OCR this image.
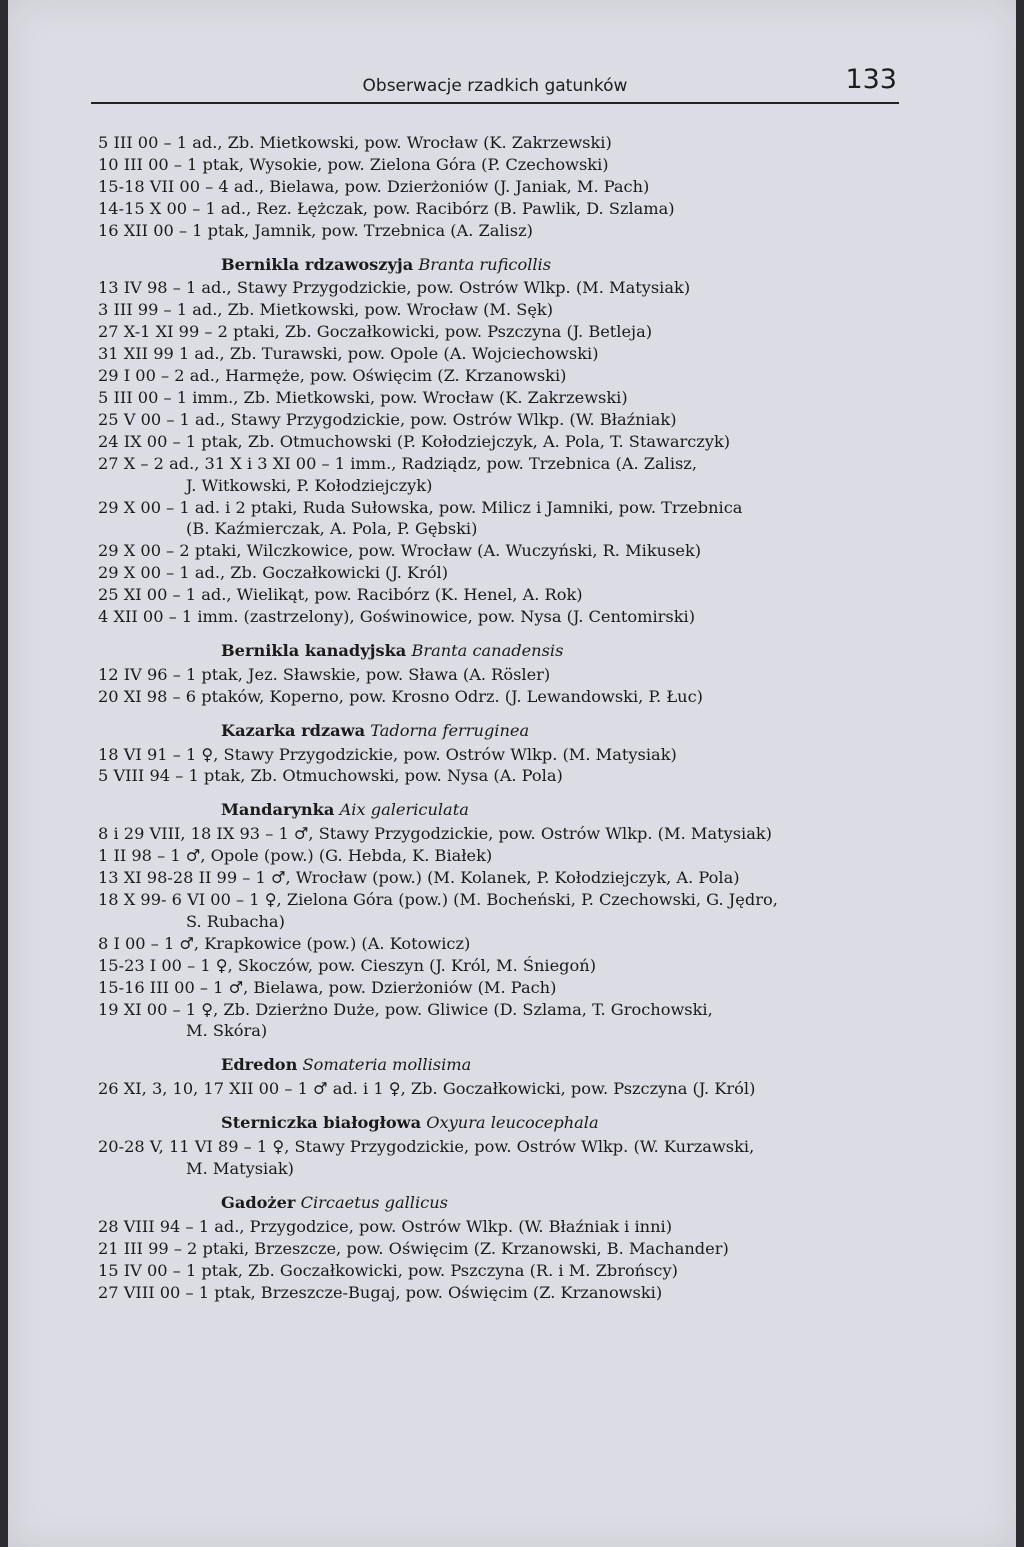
Obserwacje rzadkich gatunków	133
5 III 00 – 1 ad., Zb. Mietkowski, pow. Wrocław (K. Zakrzewski)
10 III 00 – 1 ptak, Wysokie, pow. Zielona Góra (P. Czechowski)
15-18 VII 00 – 4 ad., Bielawa, pow. Dzierżoniów (J. Janiak, M. Pach)
14-15 X 00 – 1 ad., Rez. Łężczak, pow. Racibórz (B. Pawlik, D. Szlama)
16 XII 00 – 1 ptak, Jamnik, pow. Trzebnica (A. Zalisz)
Bernikla rdzawoszyja Branta ruficollis
13 IV 98 – 1 ad., Stawy Przygodzickie, pow. Ostrów Wlkp. (M. Matysiak)
3 III 99 – 1 ad., Zb. Mietkowski, pow. Wrocław (M. Sęk)
27 X-1 XI 99 – 2 ptaki, Zb. Goczałkowicki, pow. Pszczyna (J. Betleja)
31 XII 99 1 ad., Zb. Turawski, pow. Opole (A. Wojciechowski)
29 I 00 – 2 ad., Harmęże, pow. Oświęcim (Z. Krzanowski)
5 III 00 – 1 imm., Zb. Mietkowski, pow. Wrocław (K. Zakrzewski)
25 V 00 – 1 ad., Stawy Przygodzickie, pow. Ostrów Wlkp. (W. Błaźniak)
24 IX 00 – 1 ptak, Zb. Otmuchowski (P. Kołodziejczyk, A. Pola, T. Stawarczyk)
27 X – 2 ad., 31 X i 3 XI 00 – 1 imm., Radziądz, pow. Trzebnica (A. Zalisz,
J. Witkowski, P. Kołodziejczyk)
29 X 00 – 1 ad. i 2 ptaki, Ruda Sułowska, pow. Milicz i Jamniki, pow. Trzebnica
(B. Kaźmierczak, A. Pola, P. Gębski)
29 X 00 – 2 ptaki, Wilczkowice, pow. Wrocław (A. Wuczyński, R. Mikusek)
29 X 00 – 1 ad., Zb. Goczałkowicki (J. Król)
25 XI 00 – 1 ad., Wielikąt, pow. Racibórz (K. Henel, A. Rok)
4 XII 00 – 1 imm. (zastrzelony), Goświnowice, pow. Nysa (J. Centomirski)
Bernikla kanadyjska Branta canadensis
12 IV 96 – 1 ptak, Jez. Sławskie, pow. Sława (A. Rösler)
20 XI 98 – 6 ptaków, Koperno, pow. Krosno Odrz. (J. Lewandowski, P. Łuc)
Kazarka rdzawa Tadorna ferruginea
18 VI 91 – 1 ♀, Stawy Przygodzickie, pow. Ostrów Wlkp. (M. Matysiak)
5 VIII 94 – 1 ptak, Zb. Otmuchowski, pow. Nysa (A. Pola)
Mandarynka Aix galericulata
8 i 29 VIII, 18 IX 93 – 1 ♂, Stawy Przygodzickie, pow. Ostrów Wlkp. (M. Matysiak)
1 II 98 – 1 ♂, Opole (pow.) (G. Hebda, K. Białek)
13 XI 98-28 II 99 – 1 ♂, Wrocław (pow.) (M. Kolanek, P. Kołodziejczyk, A. Pola)
18 X 99- 6 VI 00 – 1 ♀, Zielona Góra (pow.) (M. Bocheński, P. Czechowski, G. Jędro,
S. Rubacha)
8 I 00 – 1 ♂, Krapkowice (pow.) (A. Kotowicz)
15-23 I 00 – 1 ♀, Skoczów, pow. Cieszyn (J. Król, M. Śniegoń)
15-16 III 00 – 1 ♂, Bielawa, pow. Dzierżoniów (M. Pach)
19 XI 00 – 1 ♀, Zb. Dzierżno Duże, pow. Gliwice (D. Szlama, T. Grochowski,
M. Skóra)
Edredon Somateria mollisima
26 XI, 3, 10, 17 XII 00 – 1 ♂ ad. i 1 ♀, Zb. Goczałkowicki, pow. Pszczyna (J. Król)
Sterniczka białogłowa Oxyura leucocephala
20-28 V, 11 VI 89 – 1 ♀, Stawy Przygodzickie, pow. Ostrów Wlkp. (W. Kurzawski,
M. Matysiak)
Gadożer Circaetus gallicus
28 VIII 94 – 1 ad., Przygodzice, pow. Ostrów Wlkp. (W. Błaźniak i inni)
21 III 99 – 2 ptaki, Brzeszcze, pow. Oświęcim (Z. Krzanowski, B. Machander)
15 IV 00 – 1 ptak, Zb. Goczałkowicki, pow. Pszczyna (R. i M. Zbrońscy)
27 VIII 00 – 1 ptak, Brzeszcze-Bugaj, pow. Oświęcim (Z. Krzanowski)
